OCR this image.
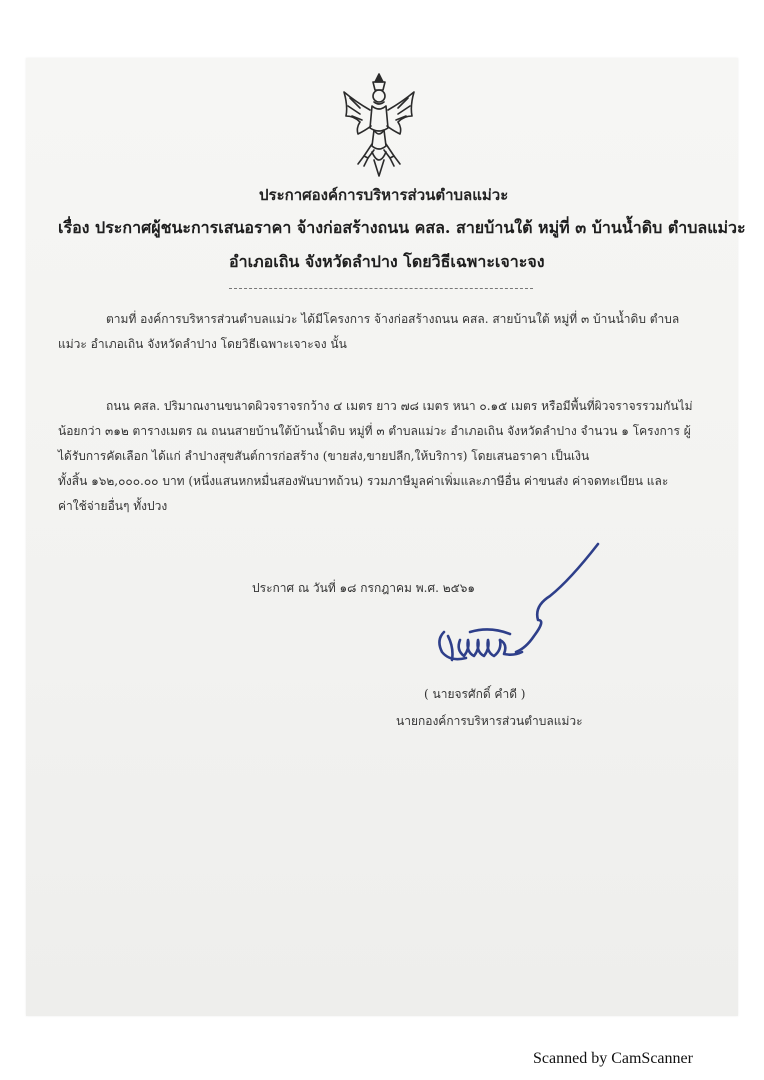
ประกาศองค์การบริหารส่วนตำบลแม่วะ
เรื่อง ประกาศผู้ชนะการเสนอราคา จ้างก่อสร้างถนน คสล. สายบ้านใต้ หมู่ที่ ๓ บ้านน้ำดิบ ตำบลแม่วะ
อำเภอเถิน จังหวัดลำปาง โดยวิธีเฉพาะเจาะจง
ตามที่ องค์การบริหารส่วนตำบลแม่วะ ได้มีโครงการ จ้างก่อสร้างถนน คสล. สายบ้านใต้ หมู่ที่ ๓ บ้านน้ำดิบ ตำบล
แม่วะ อำเภอเถิน จังหวัดลำปาง โดยวิธีเฉพาะเจาะจง นั้น
ถนน คสล. ปริมาณงานขนาดผิวจราจรกว้าง ๔ เมตร ยาว ๗๘ เมตร หนา ๐.๑๕ เมตร หรือมีพื้นที่ผิวจราจรรวมกันไม่
น้อยกว่า ๓๑๒ ตารางเมตร ณ ถนนสายบ้านใต้บ้านน้ำดิบ หมู่ที่ ๓ ตำบลแม่วะ อำเภอเถิน จังหวัดลำปาง จำนวน ๑ โครงการ ผู้
ได้รับการคัดเลือก ได้แก่ ลำปางสุขสันต์การก่อสร้าง (ขายส่ง,ขายปลีก,ให้บริการ) โดยเสนอราคา เป็นเงิน
ทั้งสิ้น ๑๖๒,๐๐๐.๐๐ บาท (หนึ่งแสนหกหมื่นสองพันบาทถ้วน) รวมภาษีมูลค่าเพิ่มและภาษีอื่น ค่าขนส่ง ค่าจดทะเบียน และ
ค่าใช้จ่ายอื่นๆ ทั้งปวง
ประกาศ ณ วันที่ ๑๘ กรกฎาคม พ.ศ. ๒๕๖๑
( นายจรศักดิ์ คำดี )
นายกองค์การบริหารส่วนตำบลแม่วะ
Scanned by CamScanner
